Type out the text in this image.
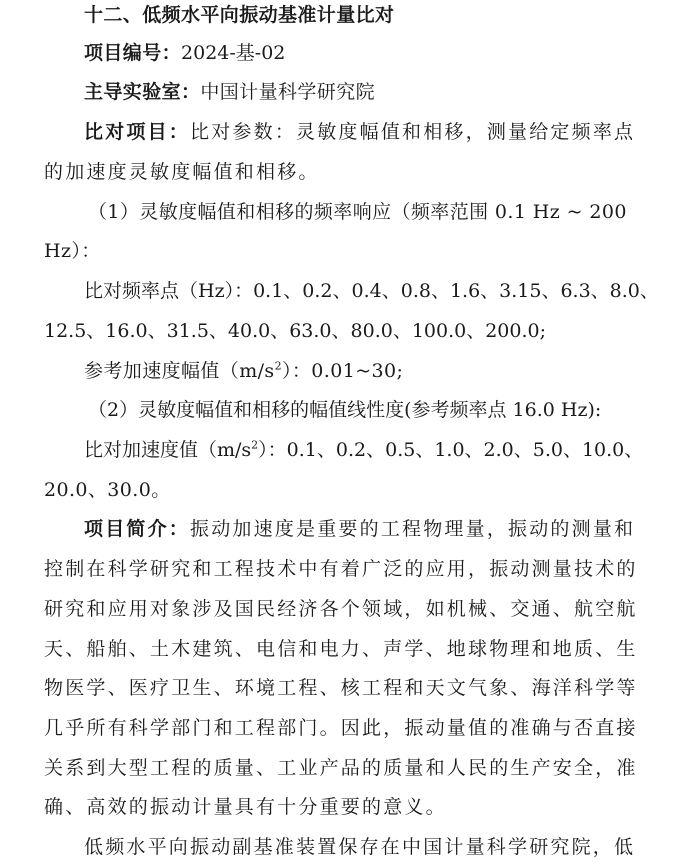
十二、低频水平向振动基准计量比对
项目编号：2024-基-02
主导实验室：中国计量科学研究院
比对项目：比对参数：灵敏度幅值和相移，测量给定频率点
的加速度灵敏度幅值和相移。
（1）灵敏度幅值和相移的频率响应（频率范围 0.1 Hz ~ 200
Hz）：
比对频率点（Hz）：0.1、0.2、0.4、0.8、1.6、3.15、6.3、8.0、
12.5、16.0、31.5、40.0、63.0、80.0、100.0、200.0;
参考加速度幅值$(m/s^2)$：0.01~30;
（2）灵敏度幅值和相移的幅值线性度(参考频率点 16.0 Hz):
比对加速度值$(m/s^2)$：0.1、0.2、0.5、1.0、2.0、5.0、10.0、
20.0、30.0。
项目简介：振动加速度是重要的工程物理量，振动的测量和
控制在科学研究和工程技术中有着广泛的应用，振动测量技术的
研究和应用对象涉及国民经济各个领域，如机械、交通、航空航
天、船舶、土木建筑、电信和电力、声学、地球物理和地质、生
物医学、医疗卫生、环境工程、核工程和天文气象、海洋科学等
几乎所有科学部门和工程部门。因此，振动量值的准确与否直接
关系到大型工程的质量、工业产品的质量和人民的生产安全，准
确、高效的振动计量具有十分重要的意义。
低频水平向振动副基准装置保存在中国计量科学研究院，低
